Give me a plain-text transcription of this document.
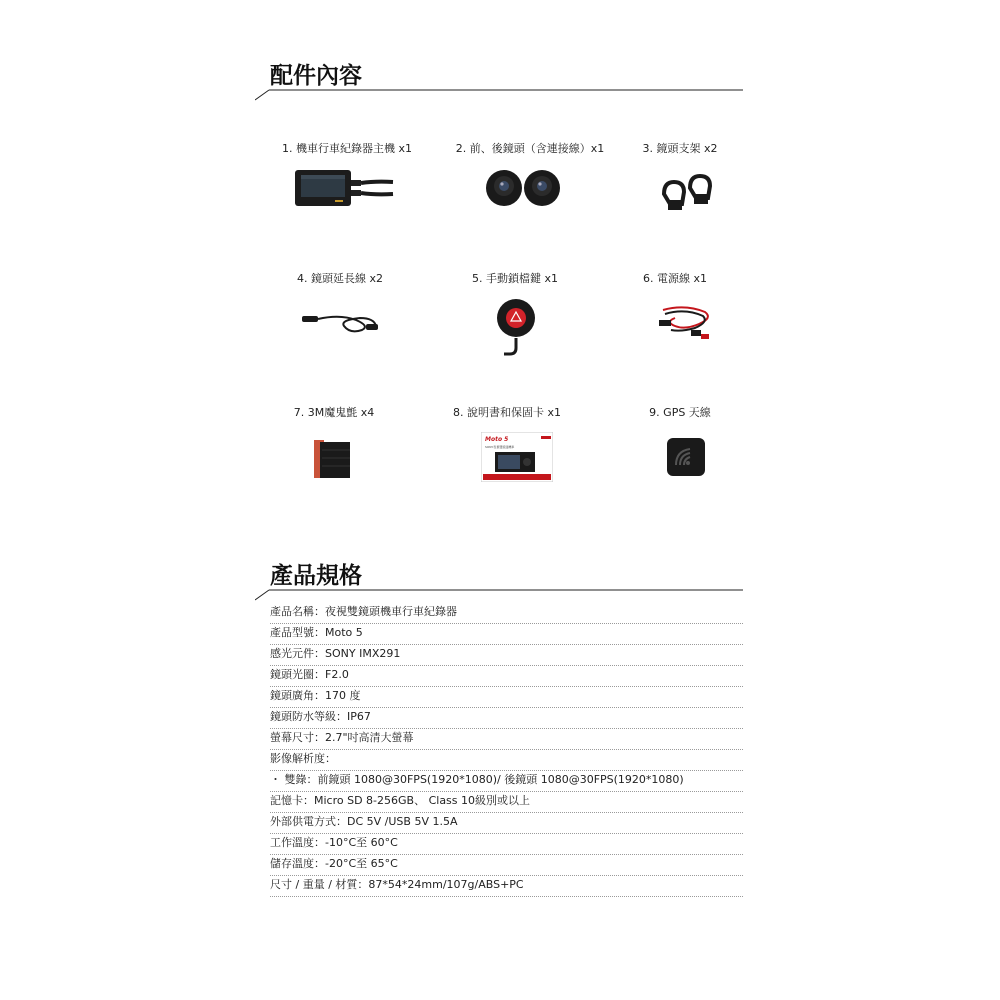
配件內容
1. 機車行車紀錄器主機 x1	2. 前、後鏡頭（含連接線）x1	3. 鏡頭支架 x2
4. 鏡頭延長線 x2	5. 手動鎖檔鍵 x1	6. 電源線 x1
7. 3M魔鬼氈 x4	8. 說明書和保固卡 x1
Moto 5
SONY夜視雙鏡頭機車
9. GPS 天線
產品規格
產品名稱：夜視雙鏡頭機車行車紀錄器
產品型號：Moto 5
感光元件：SONY IMX291
鏡頭光圈：F2.0
鏡頭廣角：170 度
鏡頭防水等級：IP67
螢幕尺寸：2.7"吋高清大螢幕
影像解析度：
・ 雙錄：前鏡頭 1080@30FPS(1920*1080)/ 後鏡頭 1080@30FPS(1920*1080)
記憶卡：Micro SD 8-256GB、 Class 10級別或以上
外部供電方式：DC 5V /USB 5V 1.5A
工作溫度：-10°C至 60°C
儲存溫度：-20°C至 65°C
尺寸 / 重量 / 材質：87*54*24mm/107g/ABS+PC
